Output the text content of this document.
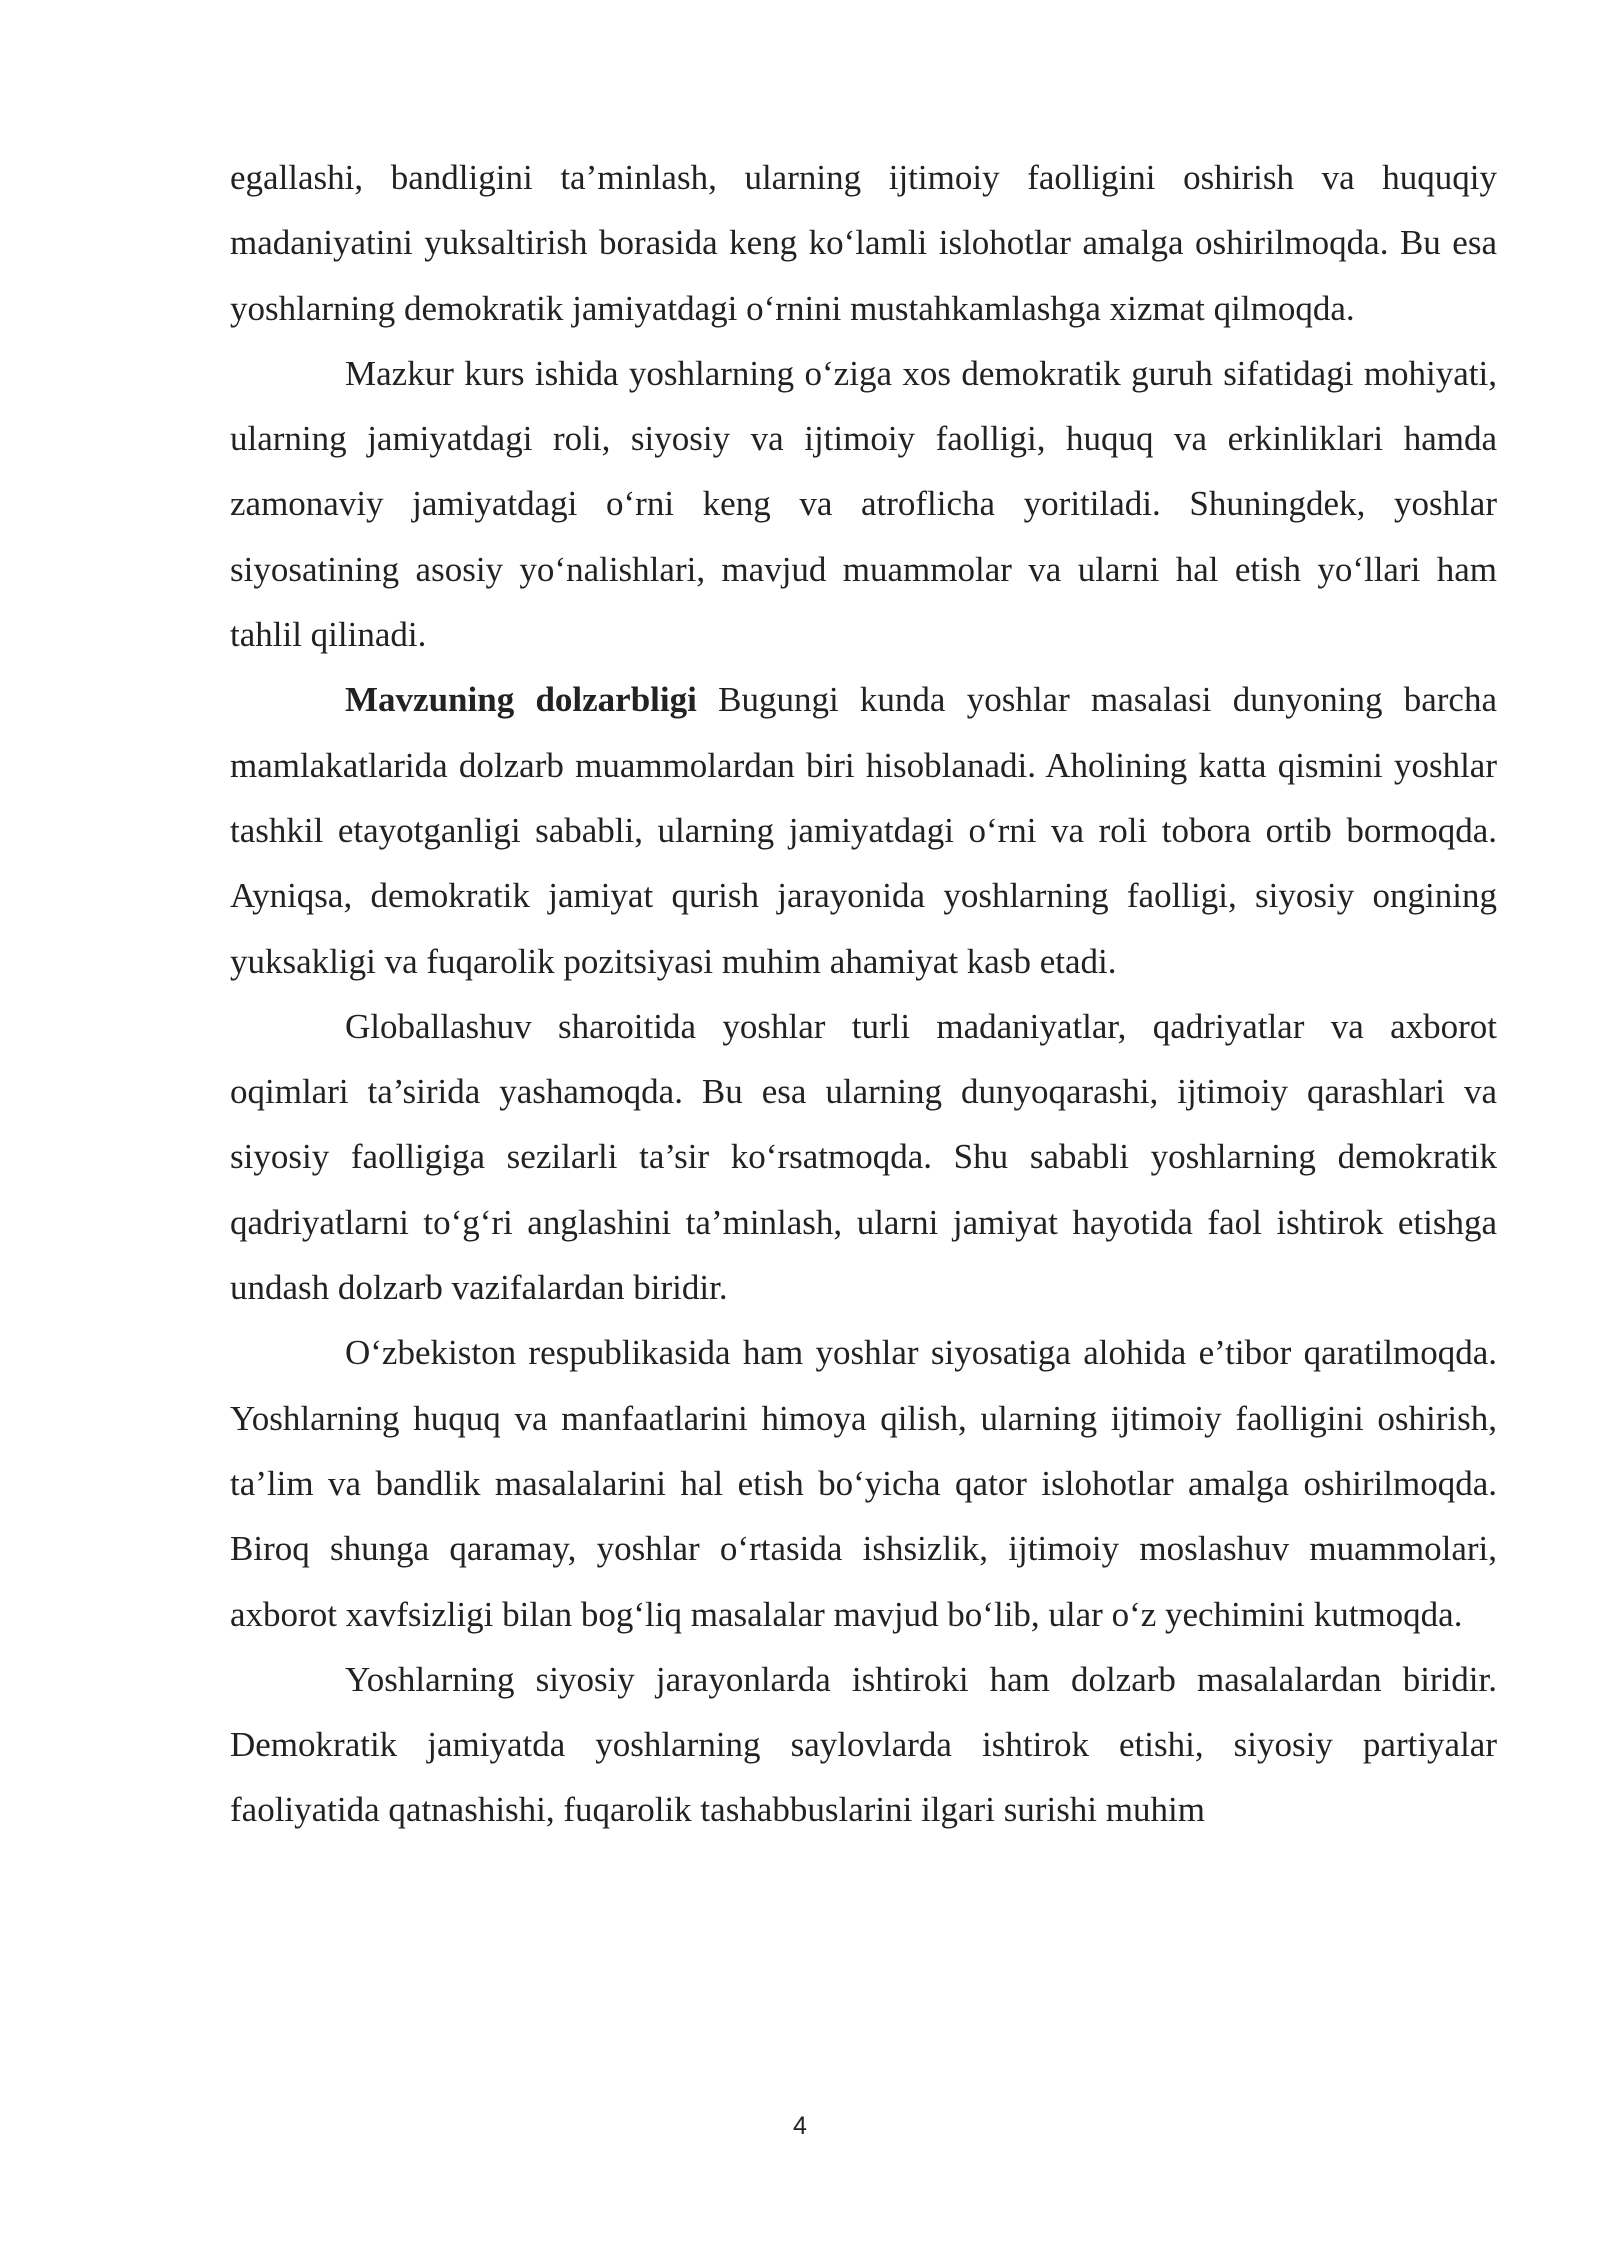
egallashi, bandligini ta’minlash, ularning ijtimoiy faolligini oshirish va huquqiy madaniyatini yuksaltirish borasida keng ko‘lamli islohotlar amalga oshirilmoqda. Bu esa yoshlarning demokratik jamiyatdagi o‘rnini mustahkamlashga xizmat qilmoqda.

Mazkur kurs ishida yoshlarning o‘ziga xos demokratik guruh sifatidagi mohiyati, ularning jamiyatdagi roli, siyosiy va ijtimoiy faolligi, huquq va erkinliklari hamda zamonaviy jamiyatdagi o‘rni keng va atroflicha yoritiladi. Shuningdek, yoshlar siyosatining asosiy yo‘nalishlari, mavjud muammolar va ularni hal etish yo‘llari ham tahlil qilinadi.

Mavzuning dolzarbligi Bugungi kunda yoshlar masalasi dunyoning barcha mamlakatlarida dolzarb muammolardan biri hisoblanadi. Aholining katta qismini yoshlar tashkil etayotganligi sababli, ularning jamiyatdagi o‘rni va roli tobora ortib bormoqda. Ayniqsa, demokratik jamiyat qurish jarayonida yoshlarning faolligi, siyosiy ongining yuksakligi va fuqarolik pozitsiyasi muhim ahamiyat kasb etadi.

Globallashuv sharoitida yoshlar turli madaniyatlar, qadriyatlar va axborot oqimlari ta’sirida yashamoqda. Bu esa ularning dunyoqarashi, ijtimoiy qarashlari va siyosiy faolligiga sezilarli ta’sir ko‘rsatmoqda. Shu sababli yoshlarning demokratik qadriyatlarni to‘g‘ri anglashini ta’minlash, ularni jamiyat hayotida faol ishtirok etishga undash dolzarb vazifalardan biridir.

O‘zbekiston respublikasida ham yoshlar siyosatiga alohida e’tibor qaratilmoqda. Yoshlarning huquq va manfaatlarini himoya qilish, ularning ijtimoiy faolligini oshirish, ta’lim va bandlik masalalarini hal etish bo‘yicha qator islohotlar amalga oshirilmoqda. Biroq shunga qaramay, yoshlar o‘rtasida ishsizlik, ijtimoiy moslashuv muammolari, axborot xavfsizligi bilan bog‘liq masalalar mavjud bo‘lib, ular o‘z yechimini kutmoqda.

Yoshlarning siyosiy jarayonlarda ishtiroki ham dolzarb masalalardan biridir. Demokratik jamiyatda yoshlarning saylovlarda ishtirok etishi, siyosiy partiyalar faoliyatida qatnashishi, fuqarolik tashabbuslarini ilgari surishi muhim

4
